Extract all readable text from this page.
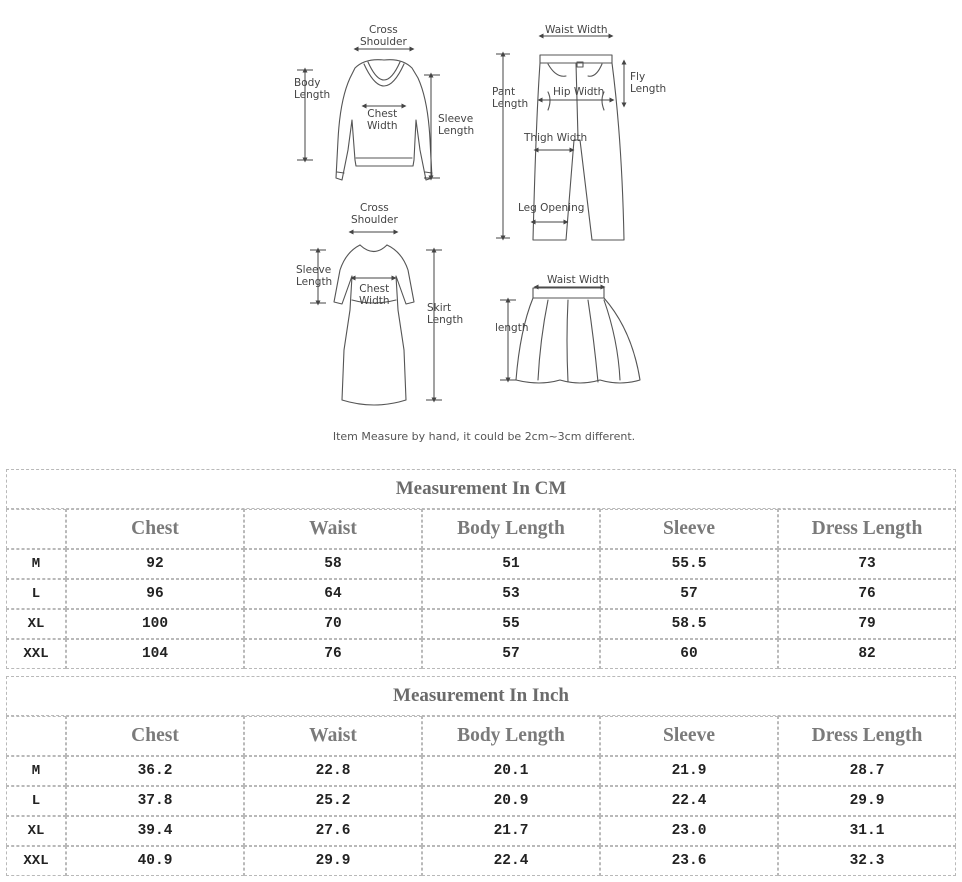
Cross
Shoulder
Body
Length
Chest
Width
Sleeve
Length
Waist Width
Pant
Length
Hip Width
Fly
Length
Thigh Width
Leg Opening
Cross
Shoulder
Sleeve
Length
Chest
Width
Skirt
Length
Waist Width
length
Item Measure by hand, it could be 2cm~3cm different.
Measurement In CM					
	Chest	Waist	Body Length	Sleeve	Dress Length
M	92	58	51	55.5	73
L	96	64	53	57	76
XL	100	70	55	58.5	79
XXL	104	76	57	60	82
Measurement In Inch					
	Chest	Waist	Body Length	Sleeve	Dress Length
M	36.2	22.8	20.1	21.9	28.7
L	37.8	25.2	20.9	22.4	29.9
XL	39.4	27.6	21.7	23.0	31.1
XXL	40.9	29.9	22.4	23.6	32.3
